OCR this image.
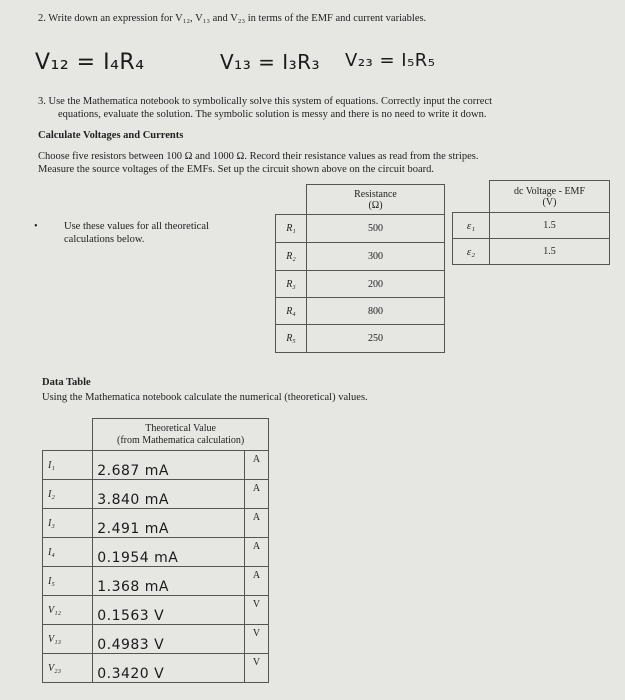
2. Write down an expression for V₁₂, V₁₃ and V₂₃ in terms of the EMF and current variables.
V₁₂ = I₄R₄	V₁₃ = I₃R₃ V₂₃ = I₅R₅
3. Use the Mathematica notebook to symbolically solve this system of equations. Correctly input the correct
equations, evaluate the solution. The symbolic solution is messy and there is no need to write it down.
Calculate Voltages and Currents
Choose five resistors between 100 Ω and 1000 Ω. Record their resistance values as read from the stripes.
Measure the source voltages of the EMFs. Set up the circuit shown above on the circuit board.
•	Use these values for all theoretical
calculations below.

	Resistance
(Ω)

R₁	500
R₂	300
R₃	200
R₄	800
R₅	250

	dc Voltage - EMF
(V)

ε₁	1.5
ε₂	1.5
Data Table
Using the Mathematica notebook calculate the numerical (theoretical) values.

	Theoretical Value
(from Mathematica calculation)	

I₁	2.687 mA	A
I₂	3.840 mA	A
I₃	2.491 mA	A
I₄	0.1954 mA	A
I₅	1.368 mA	A
V₁₂	0.1563 V	V
V₁₃	0.4983 V	V
V₂₃	0.3420 V	V
